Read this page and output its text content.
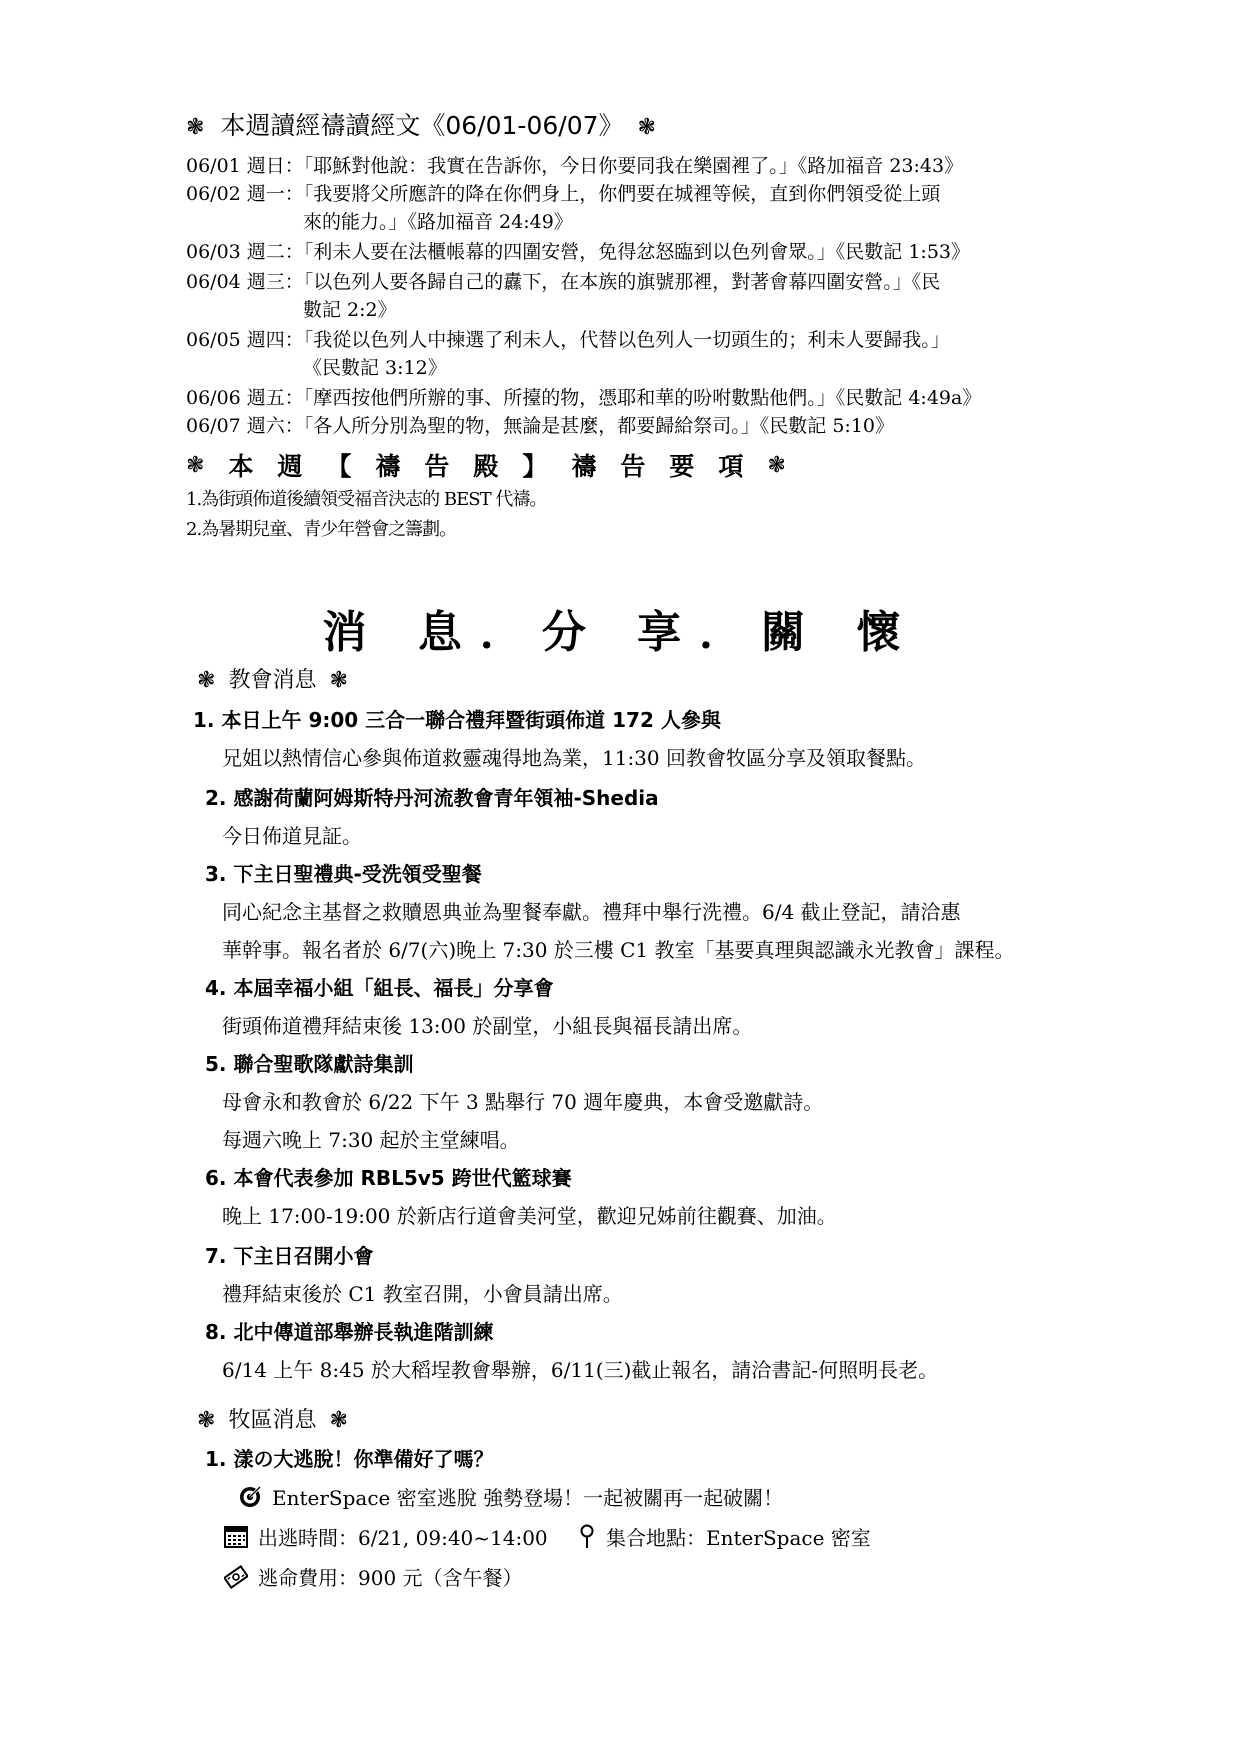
❃ 本週讀經禱讀經文《06/01-06/07》 ❃
06/01 週日：「耶穌對他說：我實在告訴你，今日你要同我在樂園裡了。」《路加福音 23:43》
06/02 週一：「我要將父所應許的降在你們身上，你們要在城裡等候，直到你們領受從上頭
來的能力。」《路加福音 24:49》
06/03 週二：「利未人要在法櫃帳幕的四圍安營，免得忿怒臨到以色列會眾。」《民數記 1:53》
06/04 週三：「以色列人要各歸自己的纛下，在本族的旗號那裡，對著會幕四圍安營。」《民
數記 2:2》
06/05 週四：「我從以色列人中揀選了利未人，代替以色列人一切頭生的；利未人要歸我。」
《民數記 3:12》
06/06 週五：「摩西按他們所辦的事、所擡的物，憑耶和華的吩咐數點他們。」《民數記 4:49a》
06/07 週六：「各人所分別為聖的物，無論是甚麼，都要歸給祭司。」《民數記 5:10》
❃ 本 週 【 禱 告 殿 】 禱 告 要 項 ❃
1.為街頭佈道後續領受福音決志的 BEST 代禱。
2.為暑期兒童、青少年營會之籌劃。
消 息．分 享．關 懷
❃ 教會消息 ❃
1. 本日上午 9:00 三合一聯合禮拜暨街頭佈道 172 人參與
兄姐以熱情信心參與佈道救靈魂得地為業，11:30 回教會牧區分享及領取餐點。
2. 感謝荷蘭阿姆斯特丹河流教會青年領袖-Shedia
今日佈道見証。
3. 下主日聖禮典-受洗領受聖餐
同心紀念主基督之救贖恩典並為聖餐奉獻。禮拜中舉行洗禮。6/4 截止登記，請洽惠
華幹事。報名者於 6/7(六)晚上 7:30 於三樓 C1 教室「基要真理與認識永光教會」課程。
4. 本屆幸福小組「組長、福長」分享會
街頭佈道禮拜結束後 13:00 於副堂，小組長與福長請出席。
5. 聯合聖歌隊獻詩集訓
母會永和教會於 6/22 下午 3 點舉行 70 週年慶典，本會受邀獻詩。
每週六晚上 7:30 起於主堂練唱。
6. 本會代表參加 RBL5v5 跨世代籃球賽
晚上 17:00-19:00 於新店行道會美河堂，歡迎兄姊前往觀賽、加油。
7. 下主日召開小會
禮拜結束後於 C1 教室召開，小會員請出席。
8. 北中傳道部舉辦長執進階訓練
6/14 上午 8:45 於大稻埕教會舉辦，6/11(三)截止報名，請洽書記-何照明長老。
❃ 牧區消息 ❃
1. 漾の大逃脫！你準備好了嗎？
EnterSpace 密室逃脫 強勢登場！一起被關再一起破關！
出逃時間：6/21, 09:40~14:00	集合地點：EnterSpace 密室
逃命費用：900 元（含午餐）
